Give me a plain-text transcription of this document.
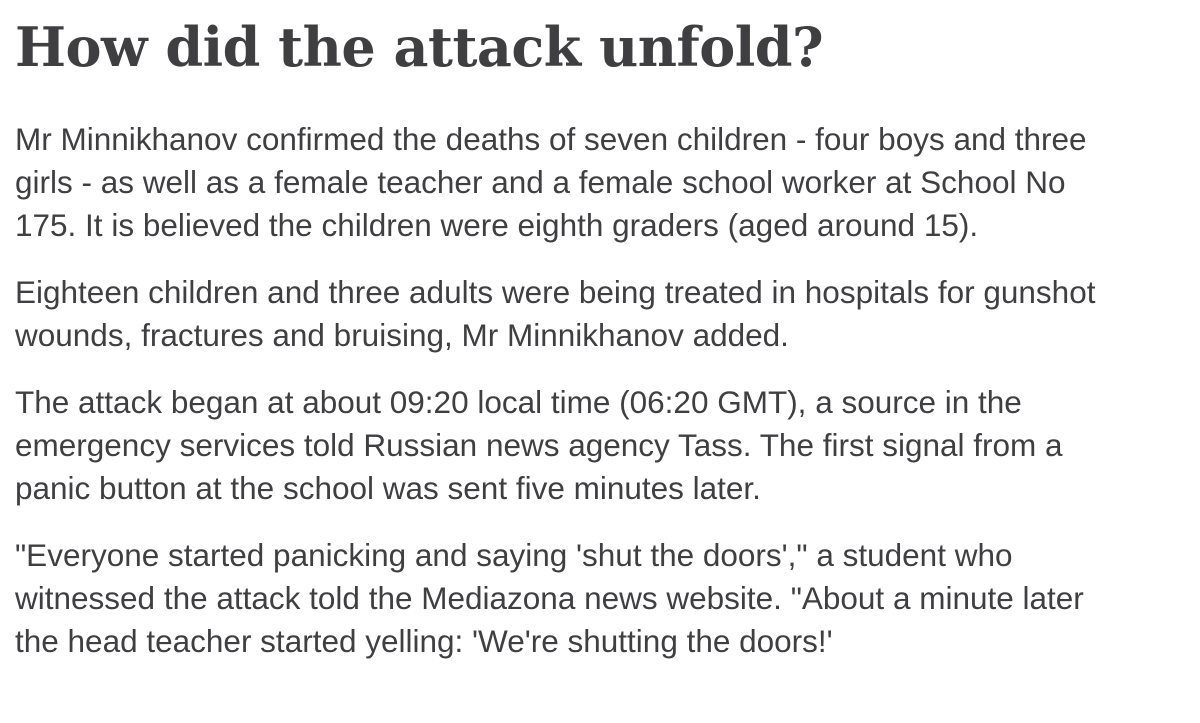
How did the attack unfold?

Mr Minnikhanov confirmed the deaths of seven children - four boys and three
girls - as well as a female teacher and a female school worker at School No
175. It is believed the children were eighth graders (aged around 15).

Eighteen children and three adults were being treated in hospitals for gunshot
wounds, fractures and bruising, Mr Minnikhanov added.

The attack began at about 09:20 local time (06:20 GMT), a source in the
emergency services told Russian news agency Tass. The first signal from a
panic button at the school was sent five minutes later.

"Everyone started panicking and saying 'shut the doors'," a student who
witnessed the attack told the Mediazona news website. "About a minute later
the head teacher started yelling: 'We're shutting the doors!'
